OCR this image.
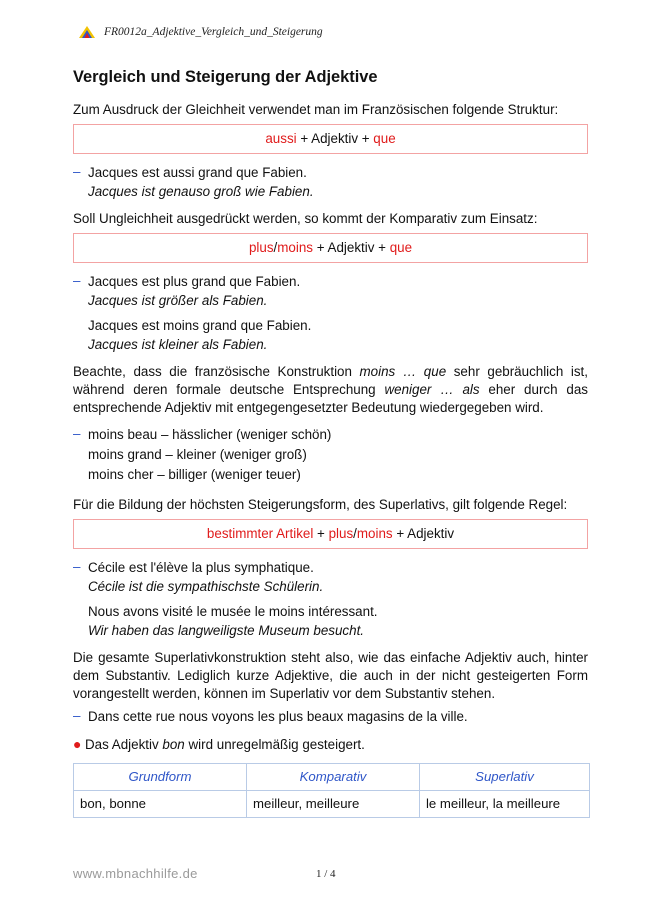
FR0012a_Adjektive_Vergleich_und_Steigerung
Vergleich und Steigerung der Adjektive

Zum Ausdruck der Gleichheit verwendet man im Französischen folgende Struktur:

aussi + Adjektiv + que
– Jacques est aussi grand que Fabien.
Jacques ist genauso groß wie Fabien.

Soll Ungleichheit ausgedrückt werden, so kommt der Komparativ zum Einsatz:

plus / moins + Adjektiv + que
– Jacques est plus grand que Fabien.
Jacques ist größer als Fabien.
Jacques est moins grand que Fabien.
Jacques ist kleiner als Fabien.

Beachte, dass die französische Konstruktion moins … que sehr gebräuchlich ist, während deren formale deutsche Entsprechung weniger … als eher durch das entsprechende Adjektiv mit entgegengesetzter Bedeutung wiedergegeben wird.

– moins beau – hässlicher (weniger schön)
moins grand – kleiner (weniger groß)
moins cher – billiger (weniger teuer)

Für die Bildung der höchsten Steigerungsform, des Superlativs, gilt folgende Regel:

bestimmter Artikel + plus / moins + Adjektiv
– Cécile est l'élève la plus symphatique.
Cécile ist die sympathischste Schülerin.
Nous avons visité le musée le moins intéressant.
Wir haben das langweiligste Museum besucht.

Die gesamte Superlativkonstruktion steht also, wie das einfache Adjektiv auch, hinter dem Substantiv. Lediglich kurze Adjektive, die auch in der nicht gesteigerten Form vorangestellt werden, können im Superlativ vor dem Substantiv stehen.

– Dans cette rue nous voyons les plus beaux magasins de la ville.
● Das Adjektiv bon wird unregelmäßig gesteigert.
Grundform	Komparativ	Superlativ
bon, bonne	meilleur, meilleure	le meilleur, la meilleure
www.mbnachhilfe.de	1 / 4
